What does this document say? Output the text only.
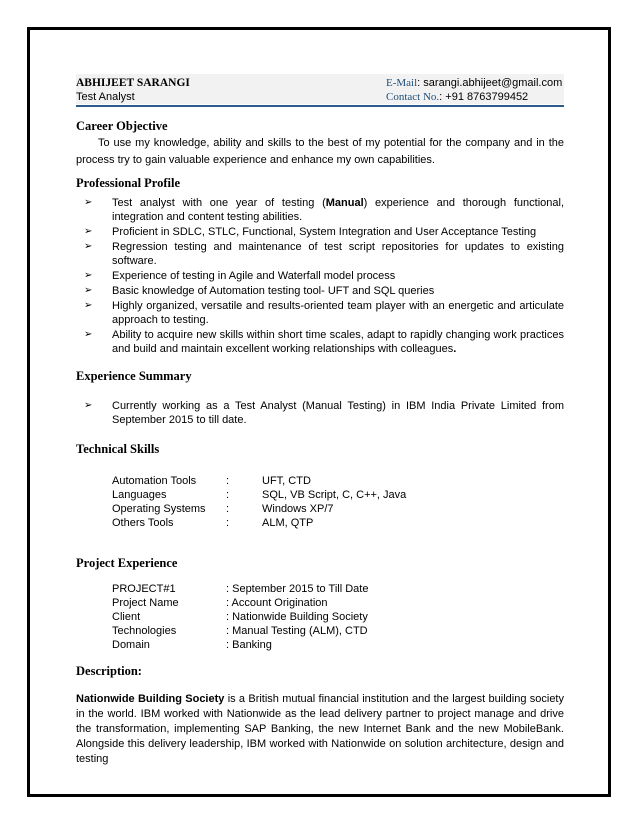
ABHIJEET SARANGI
Test Analyst
E-Mail: sarangi.abhijeet@gmail.com
Contact No.: +91 8763799452
Career Objective

To use my knowledge, ability and skills to the best of my potential for the company and in the process try to gain valuable experience and enhance my own capabilities.

Professional Profile
➢ Test analyst with one year of testing (Manual) experience and thorough functional, integration and content testing abilities.
➢ Proficient in SDLC, STLC, Functional, System Integration and User Acceptance Testing
➢ Regression testing and maintenance of test script repositories for updates to existing software.
➢ Experience of testing in Agile and Waterfall model process
➢ Basic knowledge of Automation testing tool- UFT and SQL queries
➢ Highly organized, versatile and results-oriented team player with an energetic and articulate approach to testing.
➢ Ability to acquire new skills within short time scales, adapt to rapidly changing work practices and build and maintain excellent working relationships with colleagues.
Experience Summary
➢ Currently working as a Test Analyst (Manual Testing) in IBM India Private Limited from September 2015 to till date.
Technical Skills
Automation Tools	:	UFT, CTD
Languages	:	SQL, VB Script, C, C++, Java
Operating Systems	:	Windows XP/7
Others Tools	:	ALM, QTP
Project Experience
PROJECT#1	: September 2015 to Till Date
Project Name	: Account Origination
Client	: Nationwide Building Society
Technologies	: Manual Testing (ALM), CTD
Domain	: Banking
Description:

Nationwide Building Society is a British mutual financial institution and the largest building society in the world. IBM worked with Nationwide as the lead delivery partner to project manage and drive the transformation, implementing SAP Banking, the new Internet Bank and the new MobileBank. Alongside this delivery leadership, IBM worked with Nationwide on solution architecture, design and testing
